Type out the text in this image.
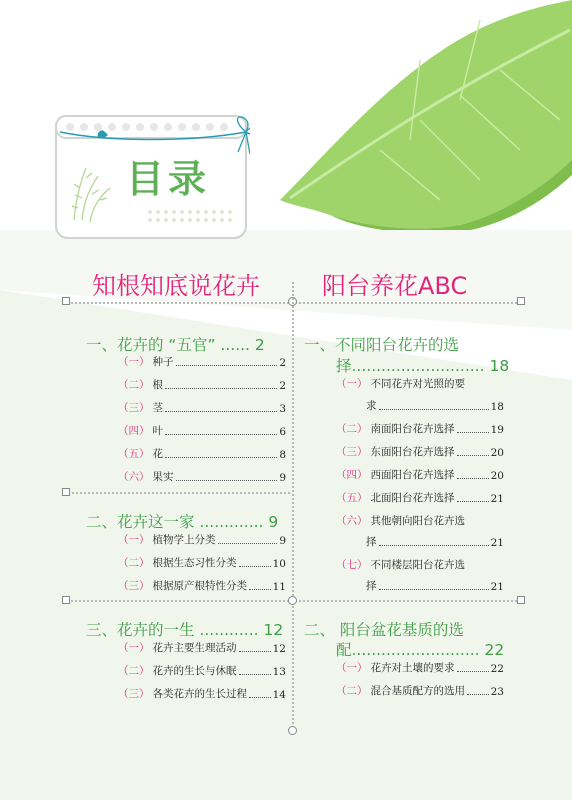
目录
知根知底说花卉	阳台养花ABC
一、花卉的 “五官” ...... 2
（一） 种子	2
（二） 根	2
（三） 茎	3
（四） 叶	6
（五） 花	8
（六） 果实	9
二、花卉这一家 ............. 9
（一） 植物学上分类	9
（二） 根据生态习性分类	10
（三） 根据原产根特性分类 11
三、花卉的一生 ............ 12
（一） 花卉主要生理活动	12
（二） 花卉的生长与休眠	13
（三） 各类花卉的生长过程 14
一、不同阳台花卉的选
择........................... 18
（一） 不同花卉对光照的要
求	18
（二） 南面阳台花卉选择	19
（三） 东面阳台花卉选择	20
（四） 西面阳台花卉选择	20
（五） 北面阳台花卉选择	21
（六） 其他朝向阳台花卉选
择	21
（七） 不同楼层阳台花卉选
择	21
二、 阳台盆花基质的选
配.......................... 22
（一） 花卉对土壤的要求	22
（二） 混合基质配方的选用 23
